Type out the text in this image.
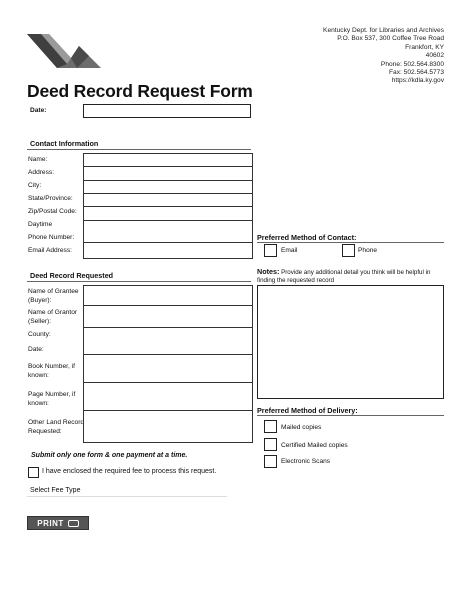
Kentucky Dept. for Libraries and Archives
P.O. Box 537, 300 Coffee Tree Road
Frankfort, KY
40602
Phone: 502.564.8300
Fax: 502.564.5773
https://kdla.ky.gov
Deed Record Request Form
Date:
Contact Information
Name:
Address:
City:
State/Province:
Zip/Postal Code:
Daytime
Phone Number:
Email Address:
Preferred Method of Contact:
Email	Phone
Deed Record Requested
Name of Grantee
(Buyer):
Name of Grantor
(Seller):
County:
Date:
Book Number, if
known:
Page Number, if
known:
Other Land Record
Requested:
Notes: Provide any additional detail you think will be helpful in finding the requested record
Preferred Method of Delivery:
Mailed copies
Certified Mailed copies
Electronic Scans
Submit only one form & one payment at a time.
I have enclosed the required fee to process this request.
Select Fee Type
PRINT
